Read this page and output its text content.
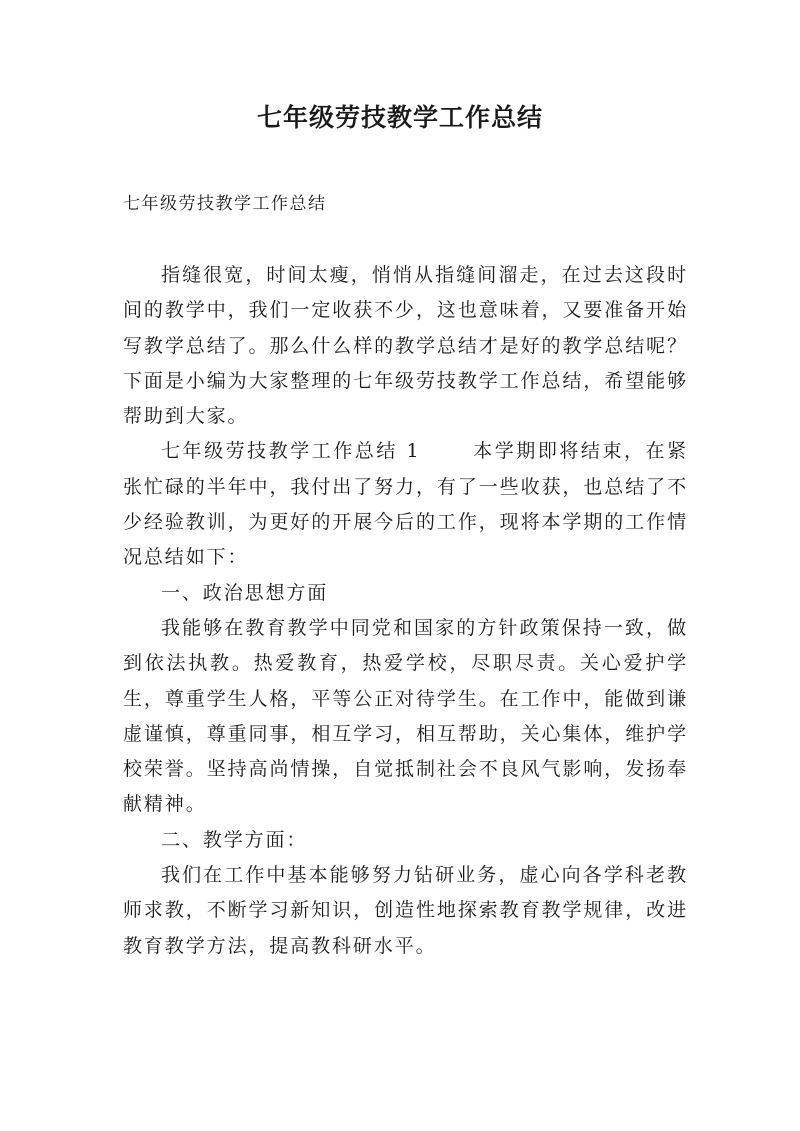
七年级劳技教学工作总结

七年级劳技教学工作总结

指缝很宽，时间太瘦，悄悄从指缝间溜走，在过去这段时间的教学中，我们一定收获不少，这也意味着，又要准备开始写教学总结了。那么什么样的教学总结才是好的教学总结呢？下面是小编为大家整理的七年级劳技教学工作总结，希望能够帮助到大家。

七年级劳技教学工作总结 1	本学期即将结束，在紧张忙碌的半年中，我付出了努力，有了一些收获，也总结了不少经验教训，为更好的开展今后的工作，现将本学期的工作情况总结如下：

一、政治思想方面

我能够在教育教学中同党和国家的方针政策保持一致，做到依法执教。热爱教育，热爱学校，尽职尽责。关心爱护学生，尊重学生人格，平等公正对待学生。在工作中，能做到谦虚谨慎，尊重同事，相互学习，相互帮助，关心集体，维护学校荣誉。坚持高尚情操，自觉抵制社会不良风气影响，发扬奉献精神。

二、教学方面：

我们在工作中基本能够努力钻研业务，虚心向各学科老教师求教，不断学习新知识，创造性地探索教育教学规律，改进教育教学方法，提高教科研水平。
